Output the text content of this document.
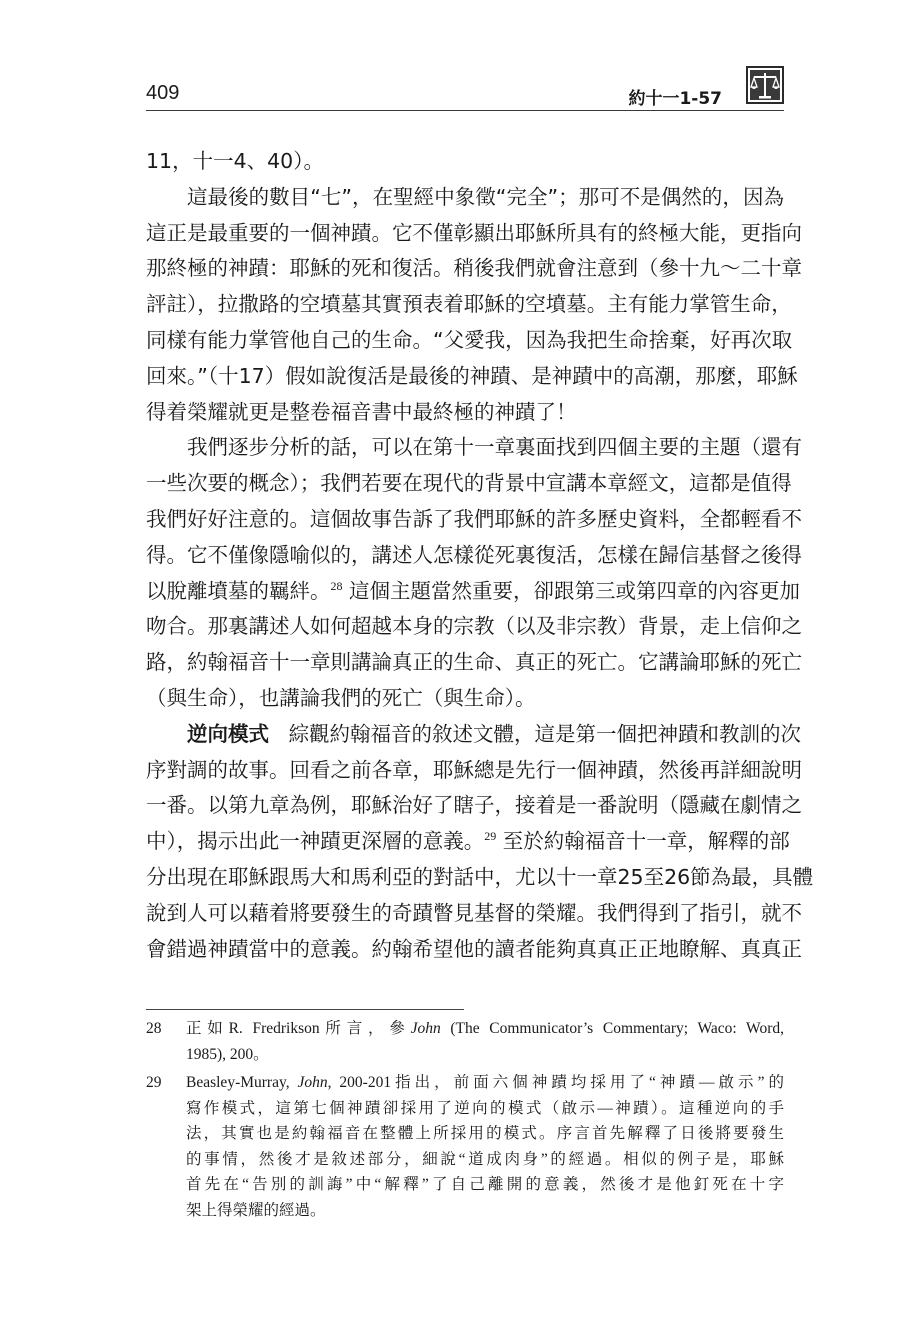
409	約十一1-57
11，十一4、40）。
這最後的數目“七”，在聖經中象徵“完全”；那可不是偶然的，因為
這正是最重要的一個神蹟。它不僅彰顯出耶穌所具有的終極大能，更指向
那終極的神蹟：耶穌的死和復活。稍後我們就會注意到（參十九～二十章
評註），拉撒路的空墳墓其實預表着耶穌的空墳墓。主有能力掌管生命，
同樣有能力掌管他自己的生命。“父愛我，因為我把生命捨棄，好再次取
回來。”（十17）假如說復活是最後的神蹟、是神蹟中的高潮，那麼，耶穌
得着榮耀就更是整卷福音書中最終極的神蹟了！
我們逐步分析的話，可以在第十一章裏面找到四個主要的主題（還有
一些次要的概念）；我們若要在現代的背景中宣講本章經文，這都是值得
我們好好注意的。這個故事告訴了我們耶穌的許多歷史資料，全都輕看不
得。它不僅像隱喻似的，講述人怎樣從死裏復活，怎樣在歸信基督之後得
以脫離墳墓的羈絆。$^{28}$ 這個主題當然重要，卻跟第三或第四章的內容更加
吻合。那裏講述人如何超越本身的宗教（以及非宗教）背景，走上信仰之
路，約翰福音十一章則講論真正的生命、真正的死亡。它講論耶穌的死亡
（與生命），也講論我們的死亡（與生命）。
逆向模式 綜觀約翰福音的敘述文體，這是第一個把神蹟和教訓的次
序對調的故事。回看之前各章，耶穌總是先行一個神蹟，然後再詳細說明
一番。以第九章為例，耶穌治好了瞎子，接着是一番說明（隱藏在劇情之
中），揭示出此一神蹟更深層的意義。$^{29}$ 至於約翰福音十一章，解釋的部
分出現在耶穌跟馬大和馬利亞的對話中，尤以十一章25至26節為最，具體
說到人可以藉着將要發生的奇蹟瞥見基督的榮耀。我們得到了指引，就不
會錯過神蹟當中的意義。約翰希望他的讀者能夠真真正正地瞭解、真真正
28 正如R. Fredrikson所言，參John (The Communicator’s Commentary; Waco: Word,
1985), 200。
29 Beasley-Murray, John, 200-201指出，前面六個神蹟均採用了“神蹟—啟示”的
寫作模式，這第七個神蹟卻採用了逆向的模式（啟示—神蹟）。這種逆向的手
法，其實也是約翰福音在整體上所採用的模式。序言首先解釋了日後將要發生
的事情，然後才是敘述部分，細說“道成肉身”的經過。相似的例子是，耶穌
首先在“告別的訓誨”中“解釋”了自己離開的意義，然後才是他釘死在十字
架上得榮耀的經過。
